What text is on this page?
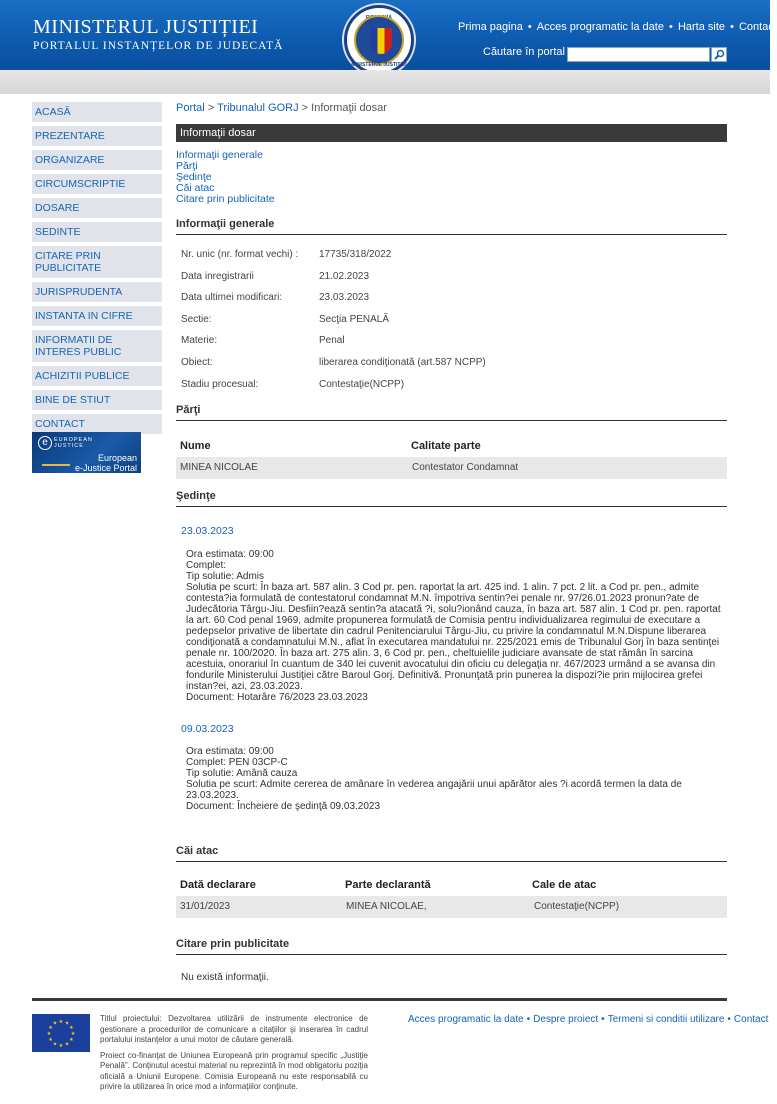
MINISTERUL JUSTIȚIEI
PORTALUL INSTANȚELOR DE JUDECATĂ
Prima pagina • Acces programatic la date • Harta site • Contact
Căutare în portal
MINISTERUL JUSTITIEI
ACASĂ
PREZENTARE
ORGANIZARE
CIRCUMSCRIPTIE
DOSARE
SEDINTE
CITARE PRIN PUBLICITATE
JURISPRUDENTA
INSTANTA IN CIFRE
INFORMATII DE INTERES PUBLIC
ACHIZITII PUBLICE
BINE DE STIUT
CONTACT
e	EUROPEAN
JUSTICE
European
e-Justice Portal
Portal > Tribunalul GORJ > Informaţii dosar
Informaţii dosar
Informaţii generale
Părţi
Şedinţe
Căi atac
Citare prin publicitate
Informaţii generale
Nr. unic (nr. format vechi) : 17735/318/2022
Data inregistrarii	21.02.2023
Data ultimei modificari:	23.03.2023
Sectie:	Secţia PENALĂ
Materie:	Penal
Obiect:	liberarea condiţionată (art.587 NCPP)
Stadiu procesual:	Contestaţie(NCPP)
Părţi
Nume	Calitate parte
MINEA NICOLAE	Contestator Condamnat
Şedinţe
23.03.2023
Ora estimata: 09:00
Complet:
Tip solutie: Admis
Solutia pe scurt: În baza art. 587 alin. 3 Cod pr. pen. raportat la art. 425 ind. 1 alin. 7 pct. 2 lit. a Cod pr. pen., admite contesta?ia formulată de contestatorul condamnat M.N. împotriva sentin?ei penale nr. 97/26.01.2023 pronun?ate de Judecătoria Târgu-Jiu. Desfiin?ează sentin?a atacată ?i, solu?ionând cauza, în baza art. 587 alin. 1 Cod pr. pen. raportat la art. 60 Cod penal 1969, admite propunerea formulată de Comisia pentru individualizarea regimului de executare a pedepselor privative de libertate din cadrul Penitenciarului Târgu-Jiu, cu privire la condamnatul M.N.Dispune liberarea condiţionată a condamnatului M.N., aflat în executarea mandatului nr. 225/2021 emis de Tribunalul Gorj în baza sentinţei penale nr. 100/2020. În baza art. 275 alin. 3, 6 Cod pr. pen., cheltuielile judiciare avansate de stat rămân în sarcina acestuia, onorariul în cuantum de 340 lei cuvenit avocatului din oficiu cu delegaţia nr. 467/2023 urmând a se avansa din fondurile Ministerului Justiţiei către Baroul Gorj. Definitivă. Pronunţată prin punerea la dispozi?ie prin mijlocirea grefei instan?ei, azi, 23.03.2023.
Document: Hotarâre 76/2023 23.03.2023
09.03.2023
Ora estimata: 09:00
Complet: PEN 03CP-C
Tip solutie: Amână cauza
Solutia pe scurt: Admite cererea de amânare în vederea angajării unui apărător ales ?i acordă termen la data de 23.03.2023.
Document: Încheiere de şedinţă 09.03.2023
Căi atac
Dată declarare	Parte declarantă	Cale de atac
31/01/2023	MINEA NICOLAE,	Contestaţie(NCPP)
Citare prin publicitate
Nu există informaţii.
★ ★
★
★
★
★
★
★
★
★
★
★
Titlul proiectului: Dezvoltarea utilizării de instrumente electronice de gestionare a procedurilor de comunicare a citaţiilor şi inserarea în cadrul portalului instanţelor a unui motor de căutare generală.
Proiect co-finanţat de Uniunea Europeană prin programul specific „Justiţie Penală". Conţinutul acestui material nu reprezintă în mod obligatoriu poziţia oficială a Uniunii Europene. Comisia Europeană nu este responsabilă cu privire la utilizarea în orice mod a informaţiilor conţinute.
Acces programatic la date • Despre proiect • Termeni si conditii utilizare • Contact
